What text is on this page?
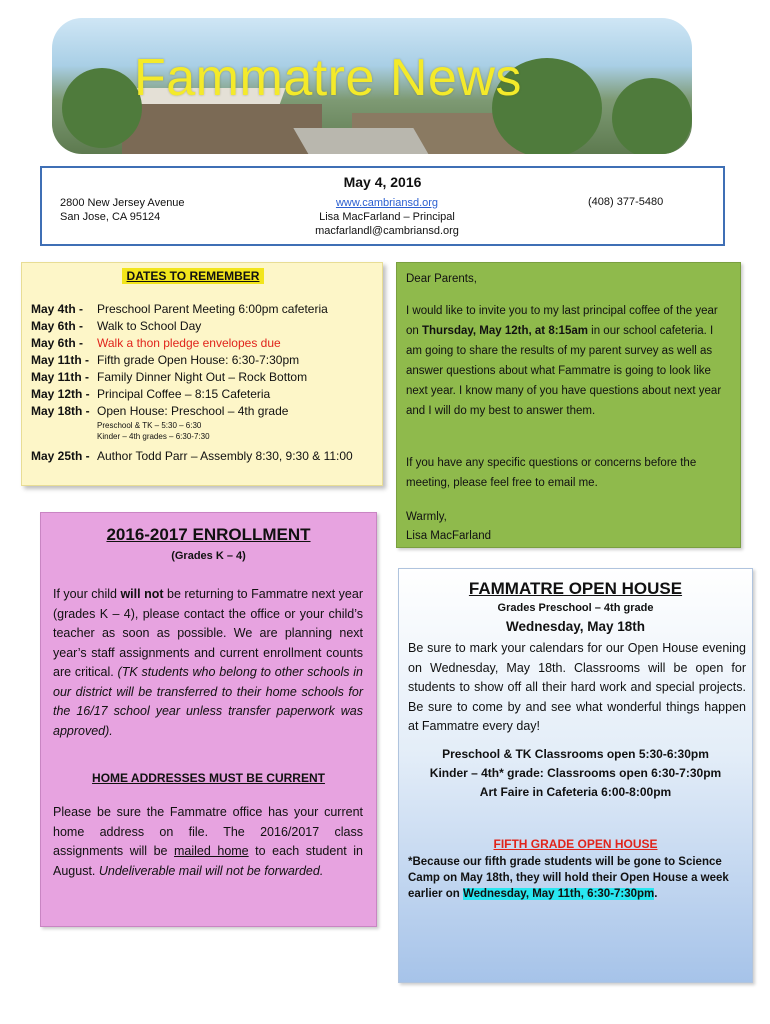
Fammatre News
May 4, 2016
2800 New Jersey Avenue
San Jose, CA 95124
www.cambriansd.org
Lisa MacFarland – Principal
macfarlandl@cambriansd.org
(408) 377-5480
DATES TO REMEMBER
May 4th -	Preschool Parent Meeting 6:00pm cafeteria
May 6th -	Walk to School Day
May 6th -	Walk a thon pledge envelopes due
May 11th - Fifth grade Open House: 6:30-7:30pm
May 11th - Family Dinner Night Out – Rock Bottom
May 12th - Principal Coffee – 8:15 Cafeteria
May 18th - Open House: Preschool – 4th grade
Preschool & TK – 5:30 – 6:30
Kinder – 4th grades – 6:30-7:30
May 25th - Author Todd Parr – Assembly 8:30, 9:30 & 11:00

Dear Parents,

I would like to invite you to my last principal coffee of the year on Thursday, May 12th, at 8:15am in our school cafeteria. I am going to share the results of my parent survey as well as answer questions about what Fammatre is going to look like next year. I know many of you have questions about next year and I will do my best to answer them.

If you have any specific questions or concerns before the meeting, please feel free to email me.

Warmly,

Lisa MacFarland

2016-2017 ENROLLMENT
(Grades K – 4)
If your child will not be returning to Fammatre next year (grades K – 4), please contact the office or your child’s teacher as soon as possible. We are planning next year’s staff assignments and current enrollment counts are critical. (TK students who belong to other schools in our district will be transferred to their home schools for the 16/17 school year unless transfer paperwork was approved).
HOME ADDRESSES MUST BE CURRENT
Please be sure the Fammatre office has your current home address on file. The 2016/2017 class assignments will be mailed home to each student in August. Undeliverable mail will not be forwarded.
FAMMATRE OPEN HOUSE
Grades Preschool – 4th grade
Wednesday, May 18th
Be sure to mark your calendars for our Open House evening on Wednesday, May 18th. Classrooms will be open for students to show off all their hard work and special projects. Be sure to come by and see what wonderful things happen at Fammatre every day!
Preschool & TK Classrooms open 5:30-6:30pm
Kinder – 4th* grade: Classrooms open 6:30-7:30pm
Art Faire in Cafeteria 6:00-8:00pm
FIFTH GRADE OPEN HOUSE
*Because our fifth grade students will be gone to Science Camp on May 18th, they will hold their Open House a week earlier on Wednesday, May 11th, 6:30-7:30pm.
